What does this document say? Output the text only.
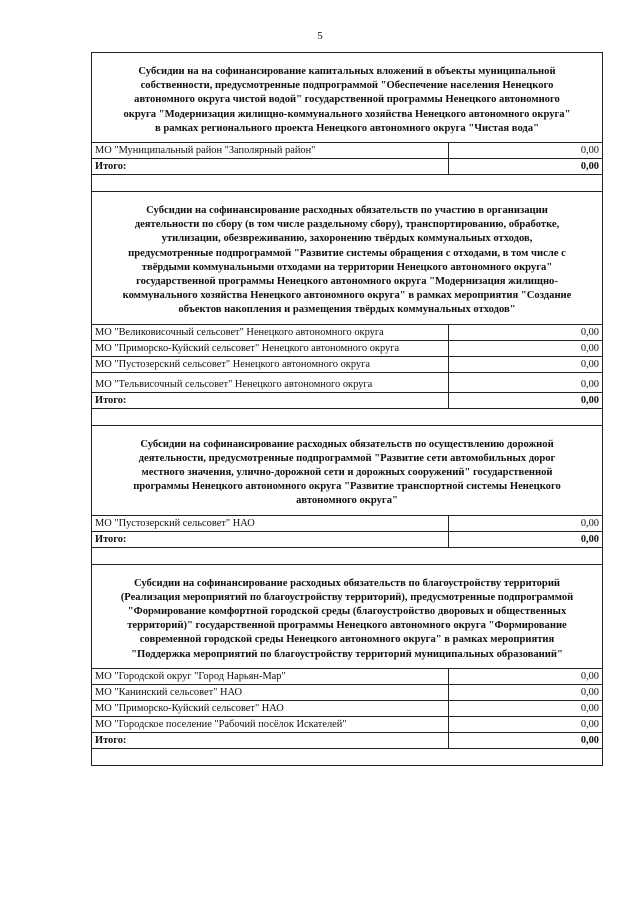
5
Субсидии на на софинансирование капитальных вложений в объекты муниципальной
собственности, предусмотренные подпрограммой "Обеспечение населения Ненецкого
автономного округа чистой водой" государственной программы Ненецкого автономного
округа "Модернизация жилищно-коммунального хозяйства Ненецкого автономного округа"
в рамках регионального проекта Ненецкого автономного округа "Чистая вода"
МО "Муниципальный район "Заполярный район"	0,00
Итого:	0,00
Субсидии на софинансирование расходных обязательств по участию в организации
деятельности по сбору (в том числе раздельному сбору), транспортированию, обработке,
утилизации, обезвреживанию, захоронению твёрдых коммунальных отходов,
предусмотренные подпрограммой "Развитие системы обращения с отходами, в том числе с
твёрдыми коммунальными отходами на территории Ненецкого автономного округа"
государственной программы Ненецкого автономного округа "Модернизация жилищно-
коммунального хозяйства Ненецкого автономного округа" в рамках мероприятия "Создание
объектов накопления и размещения твёрдых коммунальных отходов"
МО "Великовисочный сельсовет" Ненецкого автономного округа	0,00
МО "Приморско-Куйский сельсовет" Ненецкого автономного округа	0,00
МО "Пустозерский сельсовет" Ненецкого автономного округа	0,00
МО "Тельвисочный сельсовет" Ненецкого автономного округа	0,00
Итого:	0,00
Субсидии на софинансирование расходных обязательств по осуществлению дорожной
деятельности, предусмотренные подпрограммой "Развитие сети автомобильных дорог
местного значения, улично-дорожной сети и дорожных сооружений" государственной
программы Ненецкого автономного округа "Развитие транспортной системы Ненецкого
автономного округа"
МО "Пустозерский сельсовет" НАО	0,00
Итого:	0,00
Субсидии на софинансирование расходных обязательств по благоустройству территорий
(Реализация мероприятий по благоустройству территорий), предусмотренные подпрограммой
"Формирование комфортной городской среды (благоустройство дворовых и общественных
территорий)" государственной программы Ненецкого автономного округа "Формирование
современной городской среды Ненецкого автономного округа" в рамках мероприятия
"Поддержка мероприятий по благоустройству территорий муниципальных образований"
МО "Городской округ "Город Нарьян-Мар"	0,00
МО "Канинский сельсовет" НАО	0,00
МО "Приморско-Куйский сельсовет" НАО	0,00
МО "Городское поселение "Рабочий посёлок Искателей"	0,00
Итого:	0,00
